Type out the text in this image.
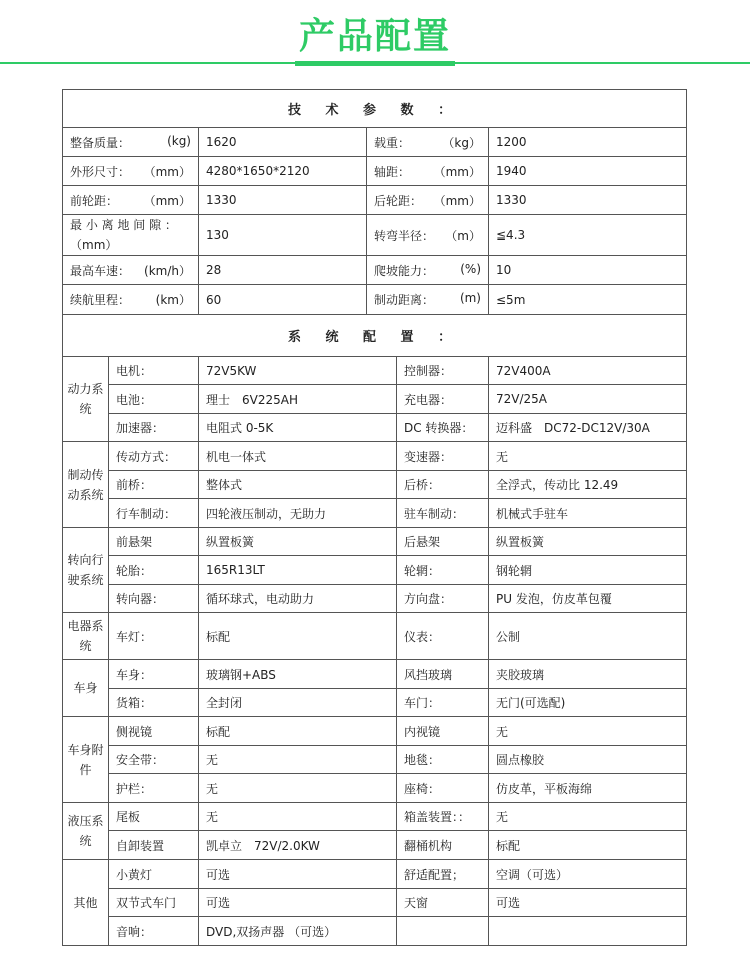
产品配置
技 术 参 数 ：					

整备质量： (kg)		1620	载重： （kg）		1200

外形尺寸： （mm）		4280*1650*2120	轴距： （mm）		1940

前轮距： （mm）		1330	后轮距： （mm）		1330
最 小 离 地 间 隙 ：（mm）		130	转弯半径： （m）		≦4.3

最高车速： (km/h）		28	爬坡能力： (%)		10

续航里程： (km）		60	制动距离： (m)		≤5m
系 统 配 置 ：					
动力系统	电机：	72V5KW		控制器：	72V400A
	电池：	理士　6V225AH		充电器：	72V/25A
	加速器：	电阻式 0-5K		DC 转换器：	迈科盛　DC72-DC12V/30A
制动传动系统	传动方式：	机电一体式		变速器：	无
	前桥：	整体式		后桥：	全浮式，传动比 12.49
	行车制动：	四轮液压制动，无助力		驻车制动：	机械式手驻车
转向行驶系统	前悬架	纵置板簧		后悬架	纵置板簧
	轮胎：	165R13LT		轮辋：	钢轮辋
	转向器：	循环球式，电动助力		方向盘：	PU 发泡，仿皮革包覆
电器系统	车灯：	标配		仪表：	公制
车身	车身：	玻璃钢+ABS		风挡玻璃	夹胶玻璃
	货箱：	全封闭		车门：	无门(可选配)
车身附件	侧视镜	标配		内视镜	无
	安全带：	无		地毯：	圆点橡胶
	护栏：	无		座椅：	仿皮革，平板海绵
液压系统	尾板	无		箱盖装置：：	无
	自卸装置	凯卓立　72V/2.0KW		翻桶机构	标配
其他	小黄灯	可选		舒适配置；	空调（可选）
	双节式车门	可选		天窗	可选
	音响：	DVD,双扬声器 （可选）			
